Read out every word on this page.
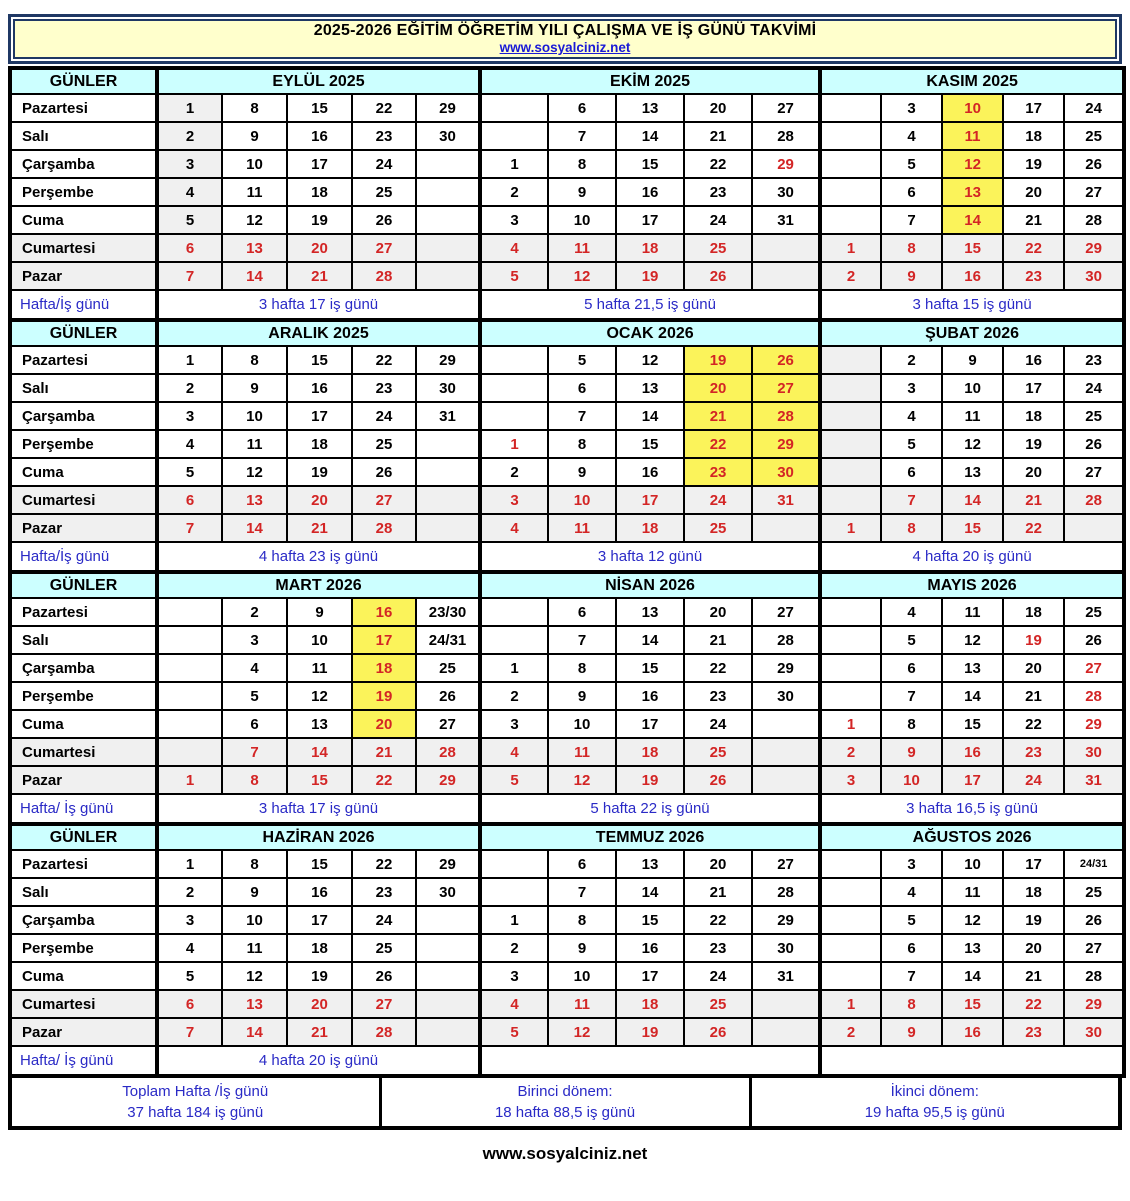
2025-2026 EĞİTİM ÖĞRETİM YILI ÇALIŞMA VE İŞ GÜNÜ TAKVİMİ
www.sosyalciniz.net
GÜNLER	EYLÜL 2025					EKİM 2025					KASIM 2025				
Pazartesi	1	8	15	22	29		6	13	20	27		3	10	17	24
Salı	2	9	16	23	30		7	14	21	28		4	11	18	25
Çarşamba	3	10	17	24		1	8	15	22	29		5	12	19	26
Perşembe	4	11	18	25		2	9	16	23	30		6	13	20	27
Cuma	5	12	19	26		3	10	17	24	31		7	14	21	28
Cumartesi	6	13	20	27		4	11	18	25		1	8	15	22	29
Pazar	7	14	21	28		5	12	19	26		2	9	16	23	30
Hafta/İş günü	3 hafta 17 iş günü					5 hafta 21,5 iş günü					3 hafta 15 iş günü				
GÜNLER	ARALIK 2025					OCAK 2026					ŞUBAT 2026				
Pazartesi	1	8	15	22	29		5	12	19	26		2	9	16	23
Salı	2	9	16	23	30		6	13	20	27		3	10	17	24
Çarşamba	3	10	17	24	31		7	14	21	28		4	11	18	25
Perşembe	4	11	18	25		1	8	15	22	29		5	12	19	26
Cuma	5	12	19	26		2	9	16	23	30		6	13	20	27
Cumartesi	6	13	20	27		3	10	17	24	31		7	14	21	28
Pazar	7	14	21	28		4	11	18	25		1	8	15	22	
Hafta/İş günü	4 hafta 23 iş günü					3 hafta 12 günü					4 hafta 20 iş günü				
GÜNLER	MART 2026					NİSAN 2026					MAYIS 2026				
Pazartesi		2	9	16	23/30		6	13	20	27		4	11	18	25
Salı		3	10	17	24/31		7	14	21	28		5	12	19	26
Çarşamba		4	11	18	25	1	8	15	22	29		6	13	20	27
Perşembe		5	12	19	26	2	9	16	23	30		7	14	21	28
Cuma		6	13	20	27	3	10	17	24		1	8	15	22	29
Cumartesi		7	14	21	28	4	11	18	25		2	9	16	23	30
Pazar	1	8	15	22	29	5	12	19	26		3	10	17	24	31
Hafta/ İş günü	3 hafta 17 iş günü					5 hafta 22 iş günü					3 hafta 16,5 iş günü				
GÜNLER	HAZİRAN 2026					TEMMUZ 2026					AĞUSTOS 2026				
Pazartesi	1	8	15	22	29		6	13	20	27		3	10	17	24/31
Salı	2	9	16	23	30		7	14	21	28		4	11	18	25
Çarşamba	3	10	17	24		1	8	15	22	29		5	12	19	26
Perşembe	4	11	18	25		2	9	16	23	30		6	13	20	27
Cuma	5	12	19	26		3	10	17	24	31		7	14	21	28
Cumartesi	6	13	20	27		4	11	18	25		1	8	15	22	29
Pazar	7	14	21	28		5	12	19	26		2	9	16	23	30
Hafta/ İş günü	4 hafta 20 iş günü														
Toplam Hafta /İş günü
37 hafta 184 iş günü

Birinci dönem:
18 hafta 88,5 iş günü

İkinci dönem:
19 hafta 95,5 iş günü
www.sosyalciniz.net
